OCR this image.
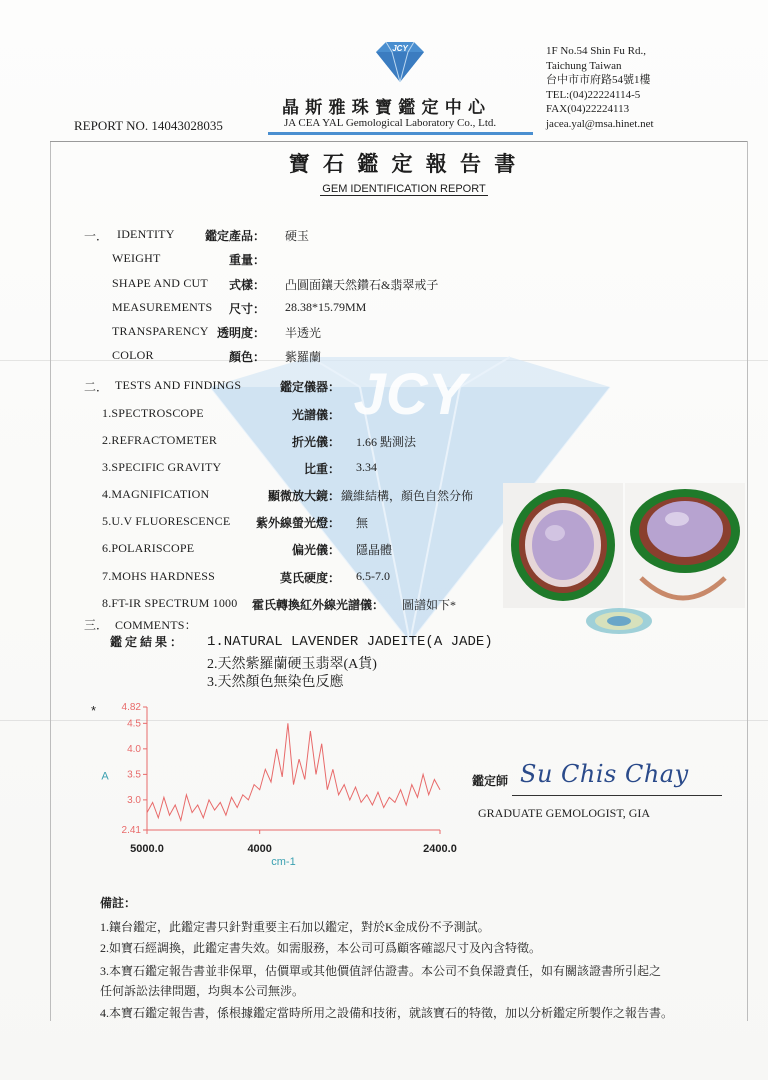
JCY
JCY
晶 斯 雅 珠 寶 鑑 定 中 心
JA CEA YAL Gemological Laboratory Co., Ltd.
REPORT NO. 14043028035
1F No.54 Shin Fu Rd.,
Taichung Taiwan
台中市市府路54號1樓
TEL:(04)22224114-5
FAX(04)22224113
jacea.yal@msa.hinet.net
寶 石 鑑 定 報 告 書
GEM IDENTIFICATION REPORT
一． IDENTITY	鑑定產品： 硬玉
WEIGHT	重量：
SHAPE AND CUT	式樣： 凸圓面鑲天然鑽石&翡翠戒子
MEASUREMENTS	尺寸： 28.38*15.79MM
TRANSPARENCY 透明度： 半透光
COLOR	顏色： 紫羅蘭
二． TESTS AND FINDINGS	鑑定儀器：
1.SPECTROSCOPE	光譜儀：
2.REFRACTOMETER	折光儀： 1.66 點測法
3.SPECIFIC GRAVITY	比重： 3.34
4.MAGNIFICATION	顯微放大鏡： 纖維結構，顏色自然分佈
5.U.V FLUORESCENCE	紫外線螢光燈： 無
6.POLARISCOPE	偏光儀： 隱晶體
7.MOHS HARDNESS	莫氏硬度： 6.5-7.0
8.FT-IR SPECTRUM 1000	霍氏轉換紅外線光譜儀： 圖譜如下*
三． COMMENTS：
鑑 定 結 果 ： 1.NATURAL LAVENDER JADEITE(A JADE)
2.天然紫羅蘭硬玉翡翠(A貨)
3.天然顏色無染色反應
4.82
4.5
4.0
3.5
3.0
2.41
5000.0	4000	2400.0
cm-1
A
*
鑑定師 Su Chis Chay
GRADUATE GEMOLOGIST, GIA
備註：
1.鑲台鑑定，此鑑定書只針對重要主石加以鑑定，對於K金成份不予測試。
2.如寶石經調換，此鑑定書失效。如需服務，本公司可爲顧客確認尺寸及內含特徵。
3.本寶石鑑定報告書並非保單，估價單或其他價值評估證書。本公司不負保證責任，如有關該證書所引起之
任何訴訟法律問題，均與本公司無涉。
4.本寶石鑑定報告書，係根據鑑定當時所用之設備和技術，就該寶石的特徵，加以分析鑑定所製作之報告書。
